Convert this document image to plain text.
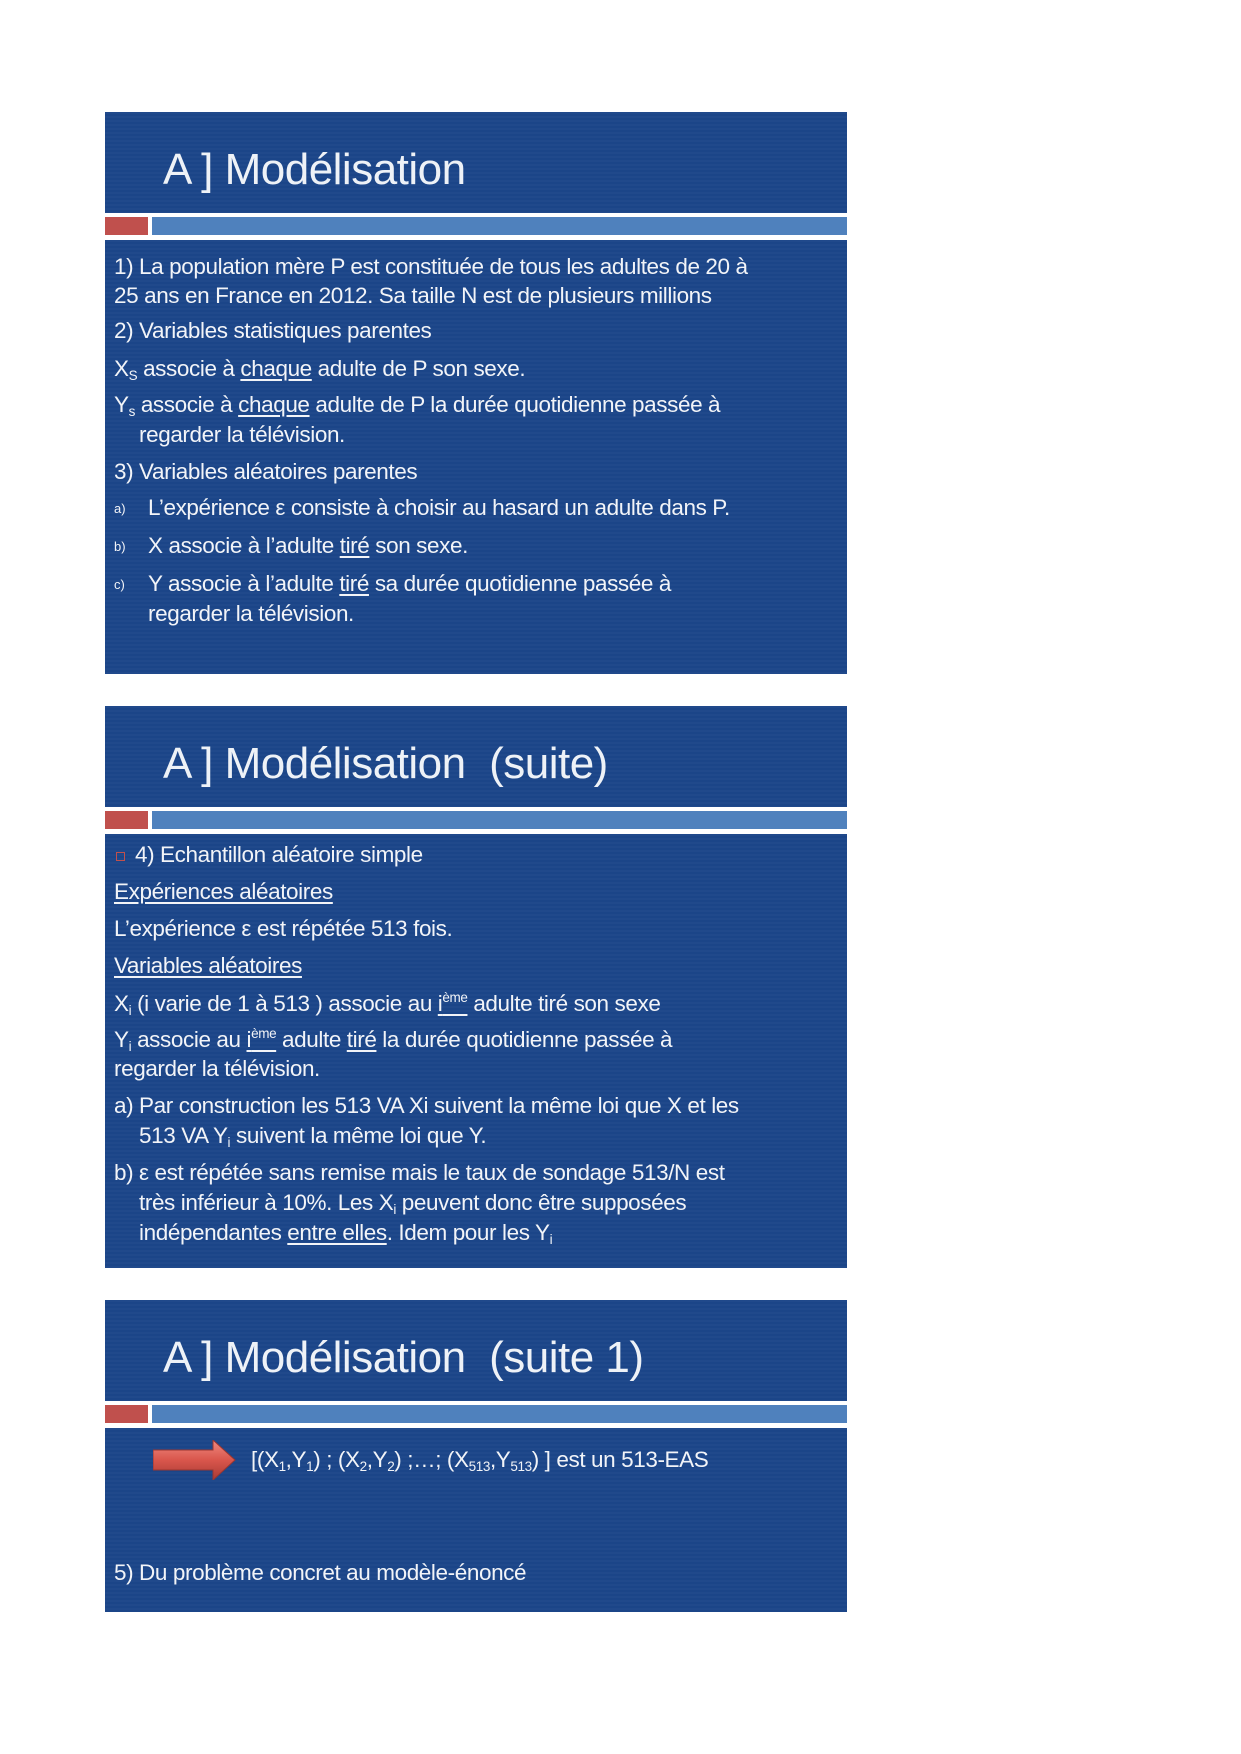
A ] Modélisation
1) La population mère P est constituée de tous les adultes de 20 à
25 ans en France en 2012. Sa taille N est de plusieurs millions
2) Variables statistiques parentes
$X_S$ associe à chaque adulte de P son sexe.
$Y_s$ associe à chaque adulte de P la durée quotidienne passée à
regarder la télévision.
3) Variables aléatoires parentes
a) L’expérience ε consiste à choisir au hasard un adulte dans P.
b) X associe à l’adulte tiré son sexe.
c) Y associe à l’adulte tiré sa durée quotidienne passée à
regarder la télévision.
A ] Modélisation  (suite)
4) Echantillon aléatoire simple
Expériences aléatoires
L’expérience ε est répétée 513 fois.
Variables aléatoires
$X_i$ (i varie de 1 à 513 ) associe au $i^{ème}$ adulte tiré son sexe
$Y_i$ associe au $i^{ème}$ adulte tiré la durée quotidienne passée à
regarder la télévision.
a) Par construction les 513 VA Xi suivent la même loi que X et les
513 VA $Y_i$ suivent la même loi que Y.
b) ε est répétée sans remise mais le taux de sondage 513/N est
très inférieur à 10%. Les $X_i$ peuvent donc être supposées
indépendantes entre elles. Idem pour les $Y_i$
A ] Modélisation  (suite 1)
[$(X_1,Y_1)$ ; $(X_2,Y_2)$ ;…; $(X_{513},Y_{513})$ ] est un 513-EAS
5) Du problème concret au modèle-énoncé
